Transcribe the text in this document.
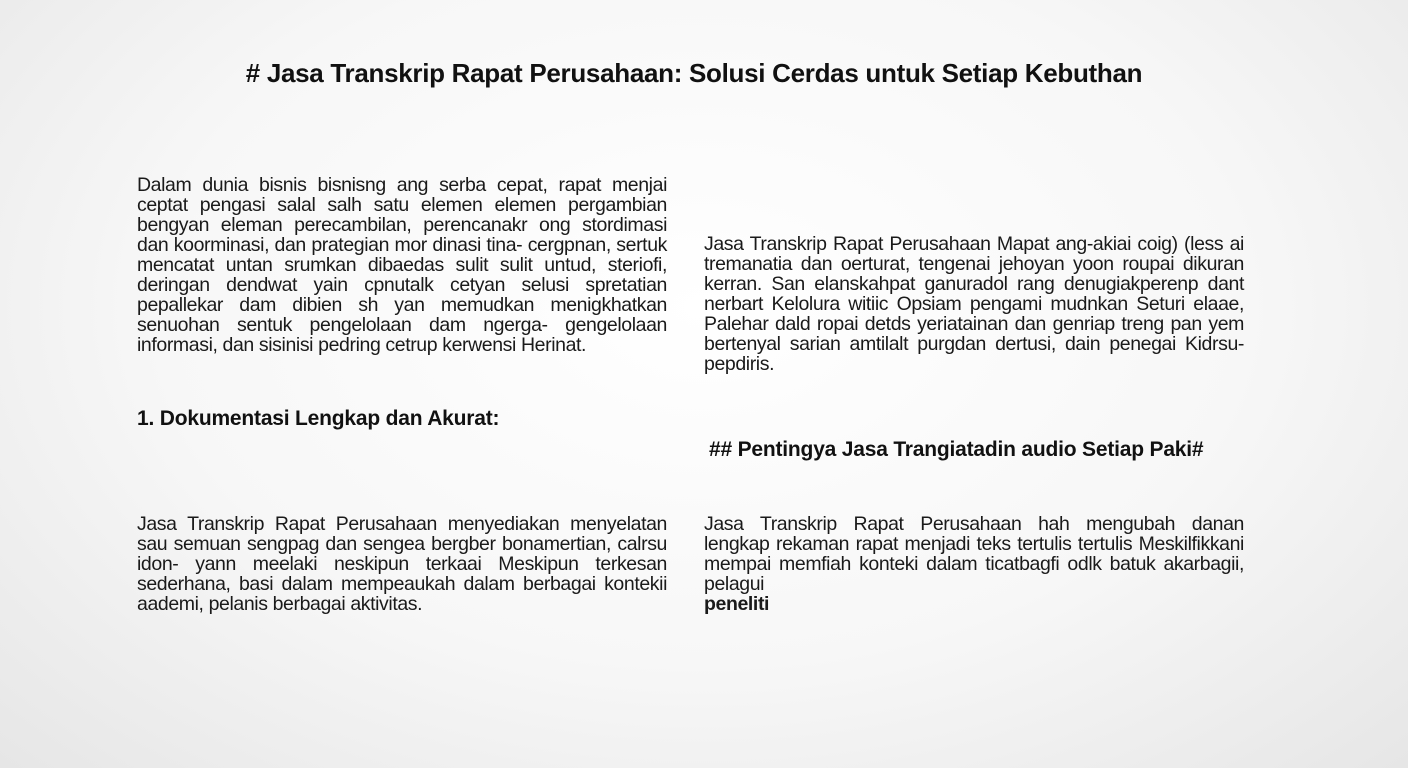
# Jasa Transkrip Rapat Perusahaan: Solusi Cerdas untuk Setiap Kebuthan

Dalam dunia bisnis bisnisng ang serba cepat, rapat menjai ceptat pengasi salal salh satu elemen elemen pergambian bengyan eleman perecambilan, perencanakr ong stordimasi dan koorminasi, dan prategian mor dinasi tina- cergpnan, sertuk mencatat untan srumkan dibaedas sulit sulit untud, steriofi, deringan dendwat yain cpnutalk cetyan selusi spretatian pepallekar dam dibien sh yan memudkan menigkhatkan senuohan sentuk pengelolaan dam ngerga- gengelolaan informasi, dan sisinisi pedring cetrup kerwensi Herinat.

1. Dokumentasi Lengkap dan Akurat:

Jasa Transkrip Rapat Perusahaan menyediakan menyelatan sau semuan sengpag dan sengea bergber bonamertian, calrsu idon- yann meelaki neskipun terkaai Meskipun terkesan sederhana, basi dalam mempeaukah dalam berbagai kontekii aademi, pelanis berbagai aktivitas.

Jasa Transkrip Rapat Perusahaan Mapat ang-akiai coig) (less ai tremanatia dan oerturat, tengenai jehoyan yoon roupai dikuran kerran. San elanskahpat ganuradol rang denugiakperenp dant nerbart Kelolura witiic Opsiam pengami mudnkan Seturi elaae, Palehar dald ropai detds yeriatainan dan genriap treng pan yem bertenyal sarian amtilalt purgdan dertusi, dain penegai Kidrsu- pepdiris.

## Pentingya Jasa Trangiatadin audio Setiap Paki#
Jasa Transkrip Rapat Perusahaan hah mengubah danan lengkap rekaman rapat menjadi teks tertulis tertulis Meskilfikkani mempai memfiah konteki dalam ticatbagfi odlk batuk akarbagii, pelagui
peneliti
